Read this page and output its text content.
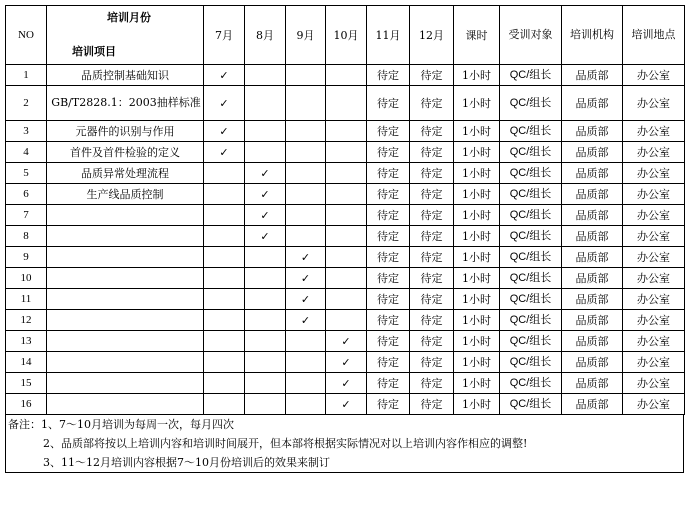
NO	培训月份
培训项目	7月	8月	9月	10月	11月	12月	课时	受训对象	培训机构	培训地点
1	品质控制基础知识	✓				待定	待定	1小时	QC/组长	品质部	办公室
2	GB/T2828.1：2003抽样标准	✓				待定	待定	1小时	QC/组长	品质部	办公室
3	元器件的识别与作用	✓				待定	待定	1小时	QC/组长	品质部	办公室
4	首件及首件检验的定义	✓				待定	待定	1小时	QC/组长	品质部	办公室
5	品质异常处理流程		✓			待定	待定	1小时	QC/组长	品质部	办公室
6	生产线品质控制		✓			待定	待定	1小时	QC/组长	品质部	办公室
7			✓			待定	待定	1小时	QC/组长	品质部	办公室
8			✓			待定	待定	1小时	QC/组长	品质部	办公室
9				✓		待定	待定	1小时	QC/组长	品质部	办公室
10				✓		待定	待定	1小时	QC/组长	品质部	办公室
11				✓		待定	待定	1小时	QC/组长	品质部	办公室
12				✓		待定	待定	1小时	QC/组长	品质部	办公室
13					✓	待定	待定	1小时	QC/组长	品质部	办公室
14					✓	待定	待定	1小时	QC/组长	品质部	办公室
15					✓	待定	待定	1小时	QC/组长	品质部	办公室
16					✓	待定	待定	1小时	QC/组长	品质部	办公室
备注：1、7～10月培训为每周一次，每月四次
2、品质部将按以上培训内容和培训时间展开，但本部将根据实际情况对以上培训内容作相应的调整!
3、11～12月培训内容根据7～10月份培训后的效果来制订
